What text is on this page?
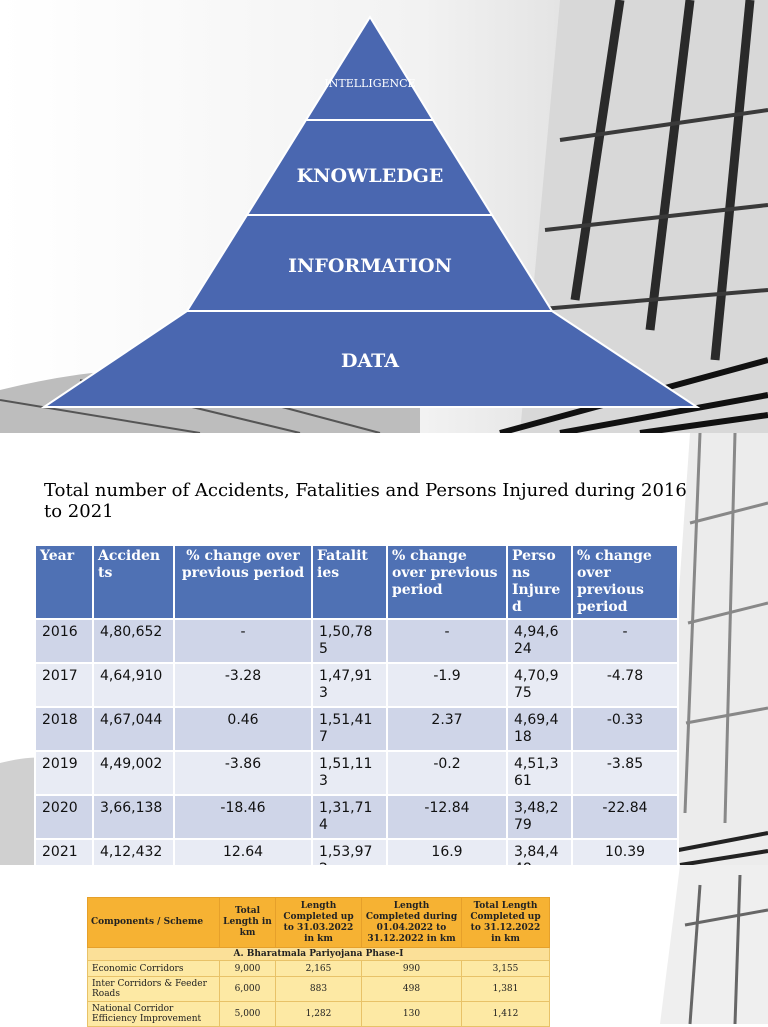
INTELLIGENCE
KNOWLEDGE
INFORMATION
DATA
Total number of Accidents, Fatalities and Persons Injured during 2016 to 2021
Year	Acciden ts	% change over previous period	Fatalit ies	% change over previous period	Perso ns Injure d	% change over previous period
2016	4,80,652	-	1,50,78 5	-	4,94,6 24	-
2017	4,64,910	-3.28	1,47,91 3	-1.9	4,70,9 75	-4.78
2018	4,67,044	0.46	1,51,41 7	2.37	4,69,4 18	-0.33
2019	4,49,002	-3.86	1,51,11 3	-0.2	4,51,3 61	-3.85
2020	3,66,138	-18.46	1,31,71 4	-12.84	3,48,2 79	-22.84
2021	4,12,432	12.64	1,53,97	16.9	3,84,4	10.39
Components / Scheme	Total Length in km	Length Completed up to 31.03.2022 in km	Length Completed during 01.04.2022 to 31.12.2022 in km	Total Length Completed up to 31.12.2022 in km
A. Bharatmala Pariyojana Phase-I				
Economic Corridors	9,000	2,165	990	3,155
Inter Corridors & Feeder Roads	6,000	883	498	1,381
National Corridor Efficiency Improvement	5,000	1,282	130	1,412
